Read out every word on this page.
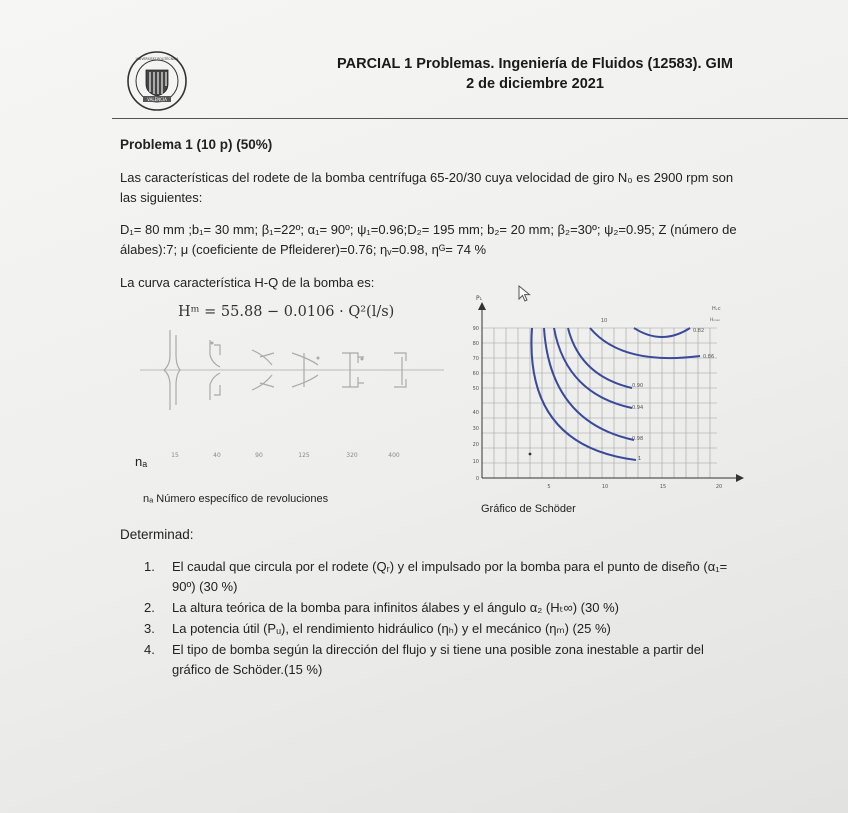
VALÈNCIA
UNIVERSITAT POLITÈCNICA	PARCIAL 1 Problemas. Ingeniería de Fluidos (12583). GIM
2 de diciembre 2021
Problema 1 (10 p) (50%)
Las características del rodete de la bomba centrífuga 65-20/30 cuya velocidad de giro N₀ es 2900 rpm son las siguientes:
D₁= 80 mm ;b₁= 30 mm; β₁=22º; α₁= 90º; ψ₁=0.96;D₂= 195 mm; b₂= 20 mm; β₂=30º; ψ₂=0.95; Z (número de álabes):7; μ (coeficiente de Pfleiderer)=0.76; ηᵥ=0.98, ηᴳ= 74 %
La curva característica H-Q de la bomba es:
15	40	90	125	320	400
Hᵐ = 55.88 − 0.0106 · Q²(l/s)
nₐ
nₐ Número específico de revoluciones
90
80
70
60
50
40
30
20
10
0
5	10	15	20
10
P₁
Hᵥc
Hₘₐₓ
0.82
0.86
0.90
0.94
0.98
1
Gráfico de Schöder
Determinad:
1.	El caudal que circula por el rodete (Qᵣ) y el impulsado por la bomba para el punto de diseño (α₁= 90º) (30 %)
2.	La altura teórica de la bomba para infinitos álabes y el ángulo α₂ (Hₜ∞) (30 %)
3.	La potencia útil (Pᵤ), el rendimiento hidráulico (ηₕ) y el mecánico (ηₘ) (25 %)
4.	El tipo de bomba según la dirección del flujo y si tiene una posible zona inestable a partir del gráfico de Schöder.(15 %)
